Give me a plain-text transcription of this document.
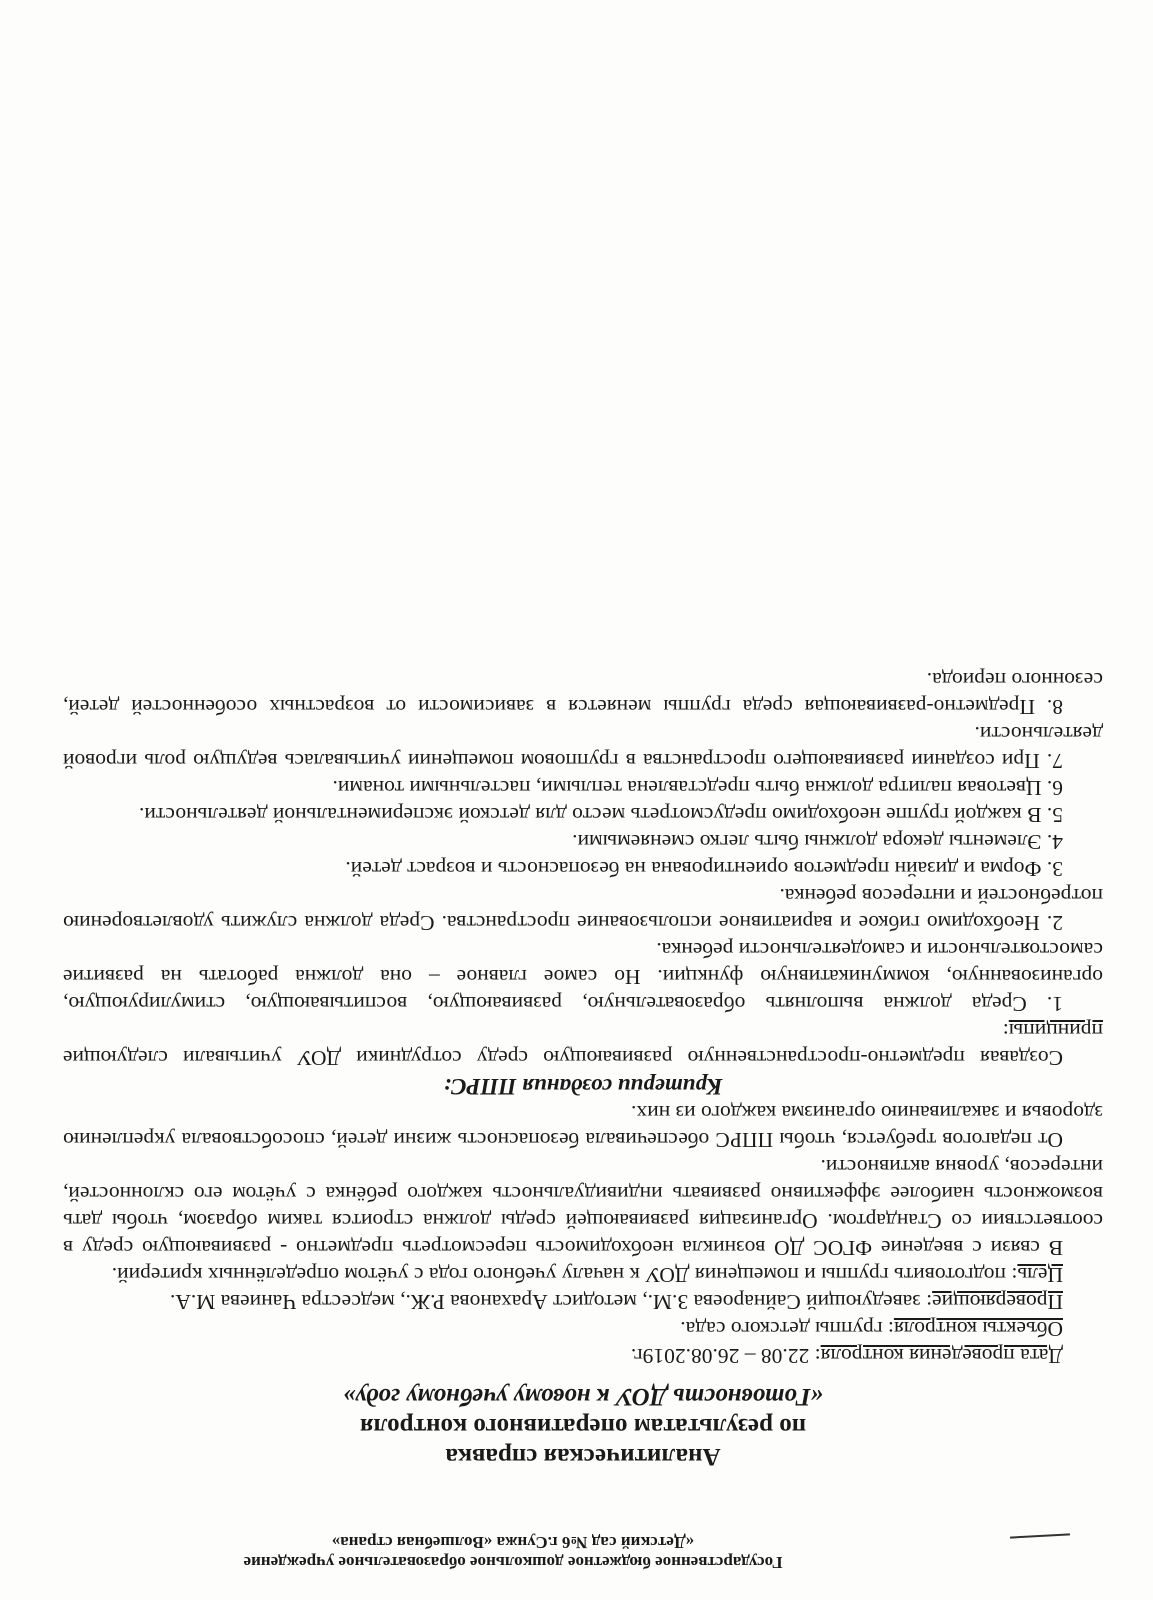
Государственное бюджетное дошкольное образовательное учреждение
«Детский сад №6 г.Сунжа «Волшебная страна»
Аналитическая справка
по результатам оперативного контроля
«Готовность ДОУ к новому учебному году»

Дата проведения контроля: 22.08 – 26.08.2019г.

Объекты контроля: группы детского сада.

Проверяющие: заведующий Сайнароева З.М., методист Араханова Р.Ж., медсестра Чаниева М.А.

Цель: подготовить группы и помещения ДОУ к началу учебного года с учётом определённых критерий.

В связи с введение ФГОС ДО возникла необходимость пересмотреть предметно - развивающую среду в соответствии со Стандартом. Организация развивающей среды должна строится таким образом, чтобы дать возможность наиболее эффективно развивать индивидуальность каждого ребёнка с учётом его склонностей, интересов, уровня активности.

От педагогов требуется, чтобы ППРС обеспечивала безопасность жизни детей, способствовала укреплению здоровья и закаливанию организма каждого из них.

Критерии создания ППРС:

Создавая предметно-пространственную развивающую среду сотрудники ДОУ учитывали следующие принципы:

1. Среда должна выполнять образовательную, развивающую, воспитывающую, стимулирующую, организованную, коммуникативную функции. Но самое главное – она должна работать на развитие самостоятельности и самодеятельности ребенка.

2. Необходимо гибкое и вариативное использование пространства. Среда должна служить удовлетворению потребностей и интересов ребенка.

3. Форма и дизайн предметов ориентирована на безопасность и возраст детей.

4. Элементы декора должны быть легко сменяемыми.

5. В каждой группе необходимо предусмотреть место для детской экспериментальной деятельности.

6. Цветовая палитра должна быть представлена теплыми, пастельными тонами.

7. При создании развивающего пространства в групповом помещении учитывалась ведущую роль игровой деятельности.

8. Предметно-развивающая среда группы меняется в зависимости от возрастных особенностей детей, сезонного периода.
